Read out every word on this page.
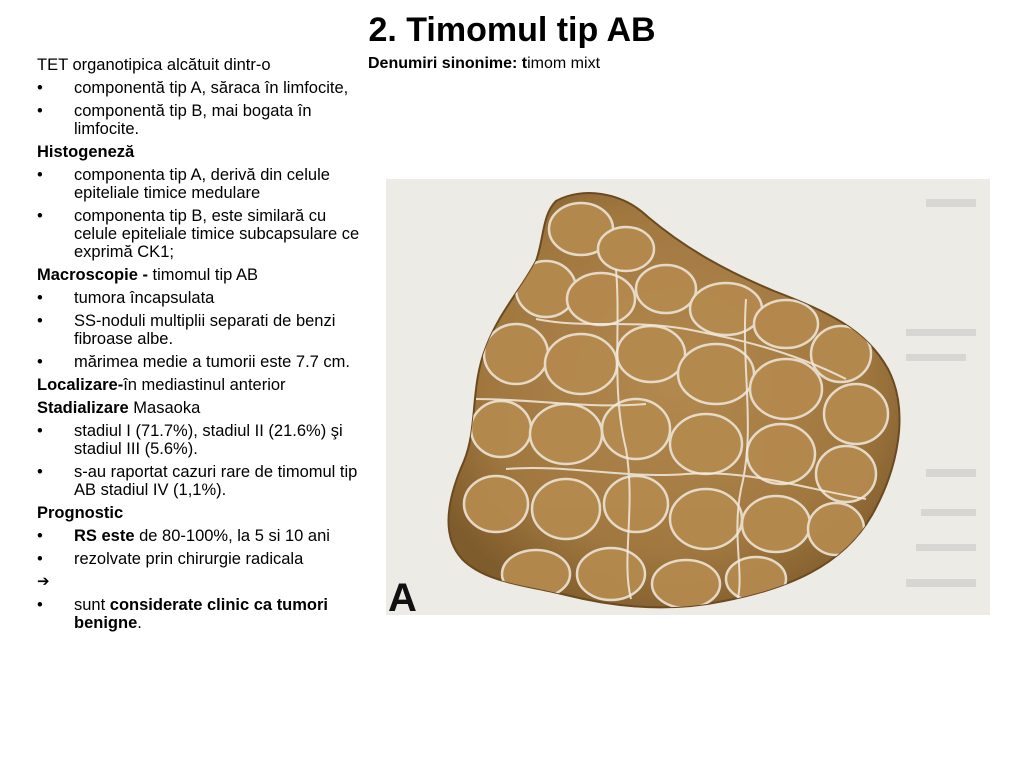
2. Timomul tip AB
Denumiri sinonime: timom mixt
TET organotipica alcătuit dintr-o
• componentă tip A, săraca în limfocite,
• componentă tip B, mai bogata în limfocite.
Histogeneză
• componenta tip A, derivă din celule epiteliale timice medulare
• componenta tip B, este similară cu celule epiteliale timice subcapsulare ce exprimă CK1;
Macroscopie - timomul tip AB
• tumora încapsulata
• SS-noduli multiplii separati de benzi fibroase albe.
• mărimea medie a tumorii este 7.7 cm.
Localizare-în mediastinul anterior
Stadializare Masaoka
• stadiul I (71.7%), stadiul II (21.6%) şi stadiul III (5.6%).
• s-au raportat cazuri rare de timomul tip AB stadiul IV (1,1%).
Prognostic
• RS este de 80-100%, la 5 si 10 ani
• rezolvate prin chirurgie radicala
➔
• sunt considerate clinic ca tumori benigne.
A
